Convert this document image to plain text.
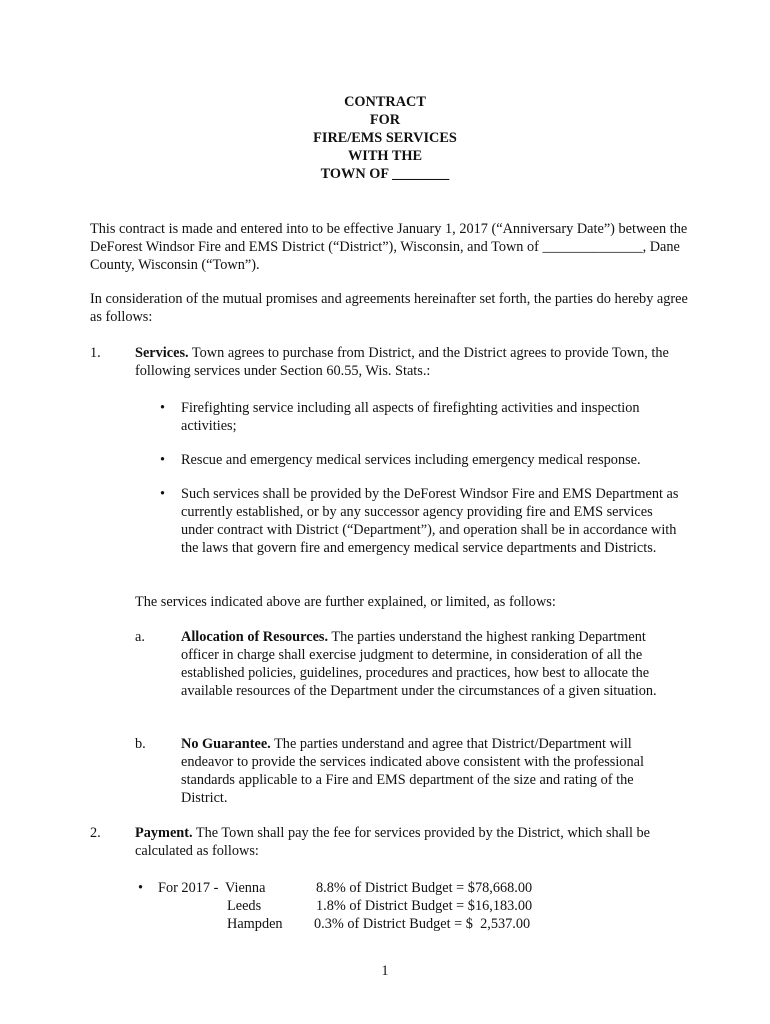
CONTRACT
FOR
FIRE/EMS SERVICES
WITH THE
TOWN OF ________
This contract is made and entered into to be effective January 1, 2017 (“Anniversary Date”) between the DeForest Windsor Fire and EMS District (“District”), Wisconsin, and Town of ______________, Dane County, Wisconsin (“Town”).
In consideration of the mutual promises and agreements hereinafter set forth, the parties do hereby agree as follows:
1. Services. Town agrees to purchase from District, and the District agrees to provide Town, the following services under Section 60.55, Wis. Stats.:
• Firefighting service including all aspects of firefighting activities and inspection activities;
• Rescue and emergency medical services including emergency medical response.
• Such services shall be provided by the DeForest Windsor Fire and EMS Department as currently established, or by any successor agency providing fire and EMS services under contract with District (“Department”), and operation shall be in accordance with the laws that govern fire and emergency medical service departments and Districts.
The services indicated above are further explained, or limited, as follows:
a.	Allocation of Resources. The parties understand the highest ranking Department officer in charge shall exercise judgment to determine, in consideration of all the established policies, guidelines, procedures and practices, how best to allocate the available resources of the Department under the circumstances of a given situation.
b. No Guarantee. The parties understand and agree that District/Department will endeavor to provide the services indicated above consistent with the professional standards applicable to a Fire and EMS department of the size and rating of the District.
2. Payment. The Town shall pay the fee for services provided by the District, which shall be calculated as follows:
• For 2017 - Vienna	8.8% of District Budget = $78,668.00
Leeds	1.8% of District Budget = $16,183.00
Hampden 0.3% of District Budget = $  2,537.00
1
